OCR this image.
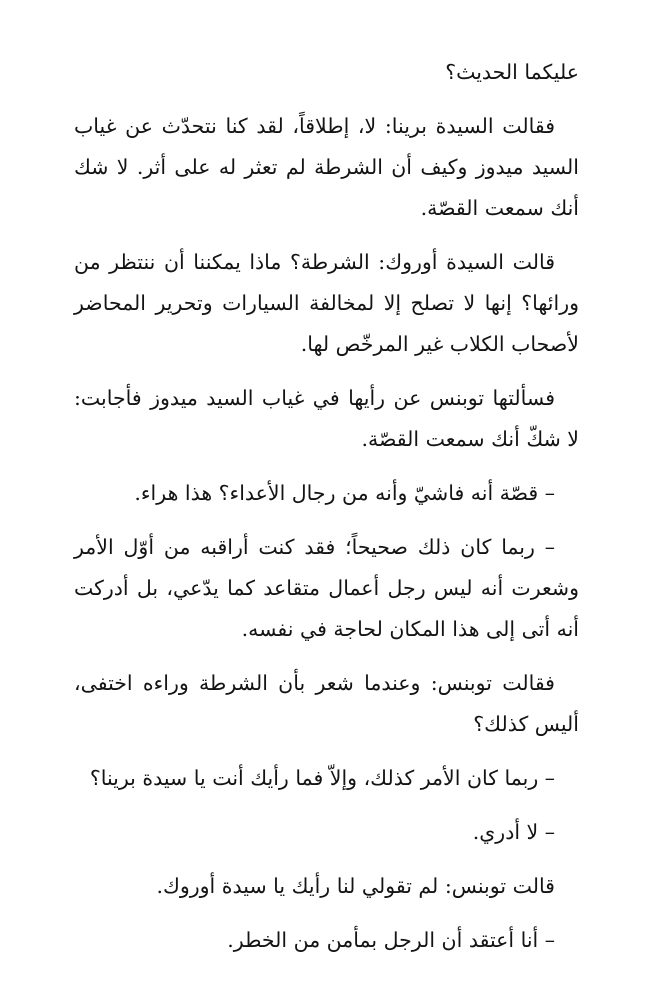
عليكما الحديث؟

فقالت السيدة برينا: لا، إطلاقاً، لقد كنا نتحدّث عن غياب السيد ميدوز وكيف أن الشرطة لم تعثر له على أثر. لا شك أنك سمعت القصّة.

قالت السيدة أوروك: الشرطة؟ ماذا يمكننا أن ننتظر من ورائها؟ إنها لا تصلح إلا لمخالفة السيارات وتحرير المحاضر لأصحاب الكلاب غير المرخّص لها.

فسألتها توبنس عن رأيها في غياب السيد ميدوز فأجابت: لا شكّ أنك سمعت القصّة.

– قصّة أنه فاشيّ وأنه من رجال الأعداء؟ هذا هراء.

– ربما كان ذلك صحيحاً؛ فقد كنت أراقبه من أوّل الأمر وشعرت أنه ليس رجل أعمال متقاعد كما يدّعي، بل أدركت أنه أتى إلى هذا المكان لحاجة في نفسه.

فقالت توبنس: وعندما شعر بأن الشرطة وراءه اختفى، أليس كذلك؟

– ربما كان الأمر كذلك، وإلاّ فما رأيك أنت يا سيدة برينا؟

– لا أدري.

قالت توبنس: لم تقولي لنا رأيك يا سيدة أوروك.

– أنا أعتقد أن الرجل بمأمن من الخطر.
